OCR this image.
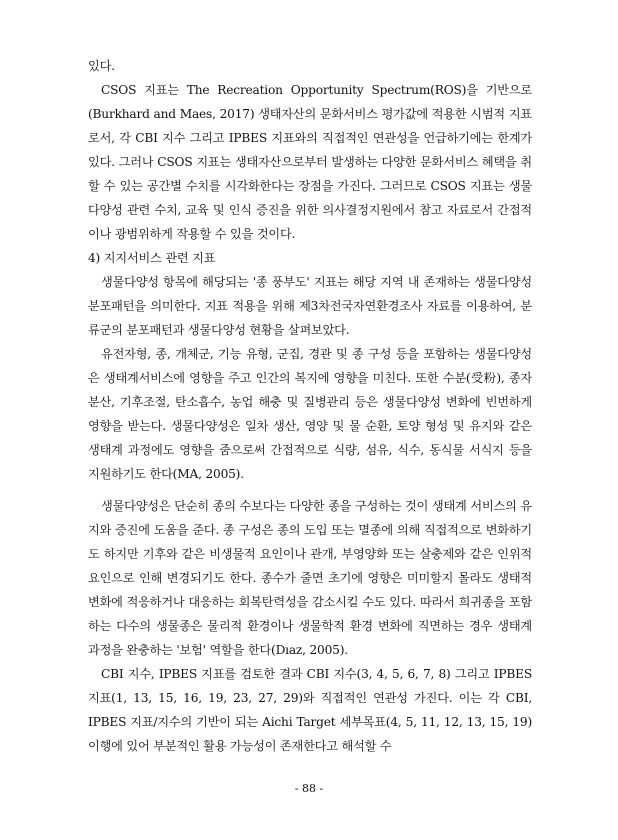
있다.

CSOS 지표는 The Recreation Opportunity Spectrum(ROS)을 기반으로 (Burkhard and Maes, 2017) 생태자산의 문화서비스 평가값에 적용한 시범적 지표로서, 각 CBI 지수 그리고 IPBES 지표와의 직접적인 연관성을 언급하기에는 한계가 있다. 그러나 CSOS 지표는 생태자산으로부터 발생하는 다양한 문화서비스 혜택을 취할 수 있는 공간별 수치를 시각화한다는 장점을 가진다. 그러므로 CSOS 지표는 생물다양성 관련 수치, 교육 및 인식 증진을 위한 의사결정지원에서 참고 자료로서 간접적이나 광범위하게 작용할 수 있을 것이다.

4) 지지서비스 관련 지표

생물다양성 항목에 해당되는 '종 풍부도' 지표는 해당 지역 내 존재하는 생물다양성 분포패턴을 의미한다. 지표 적용을 위해 제3차전국자연환경조사 자료를 이용하여, 분류군의 분포패턴과 생물다양성 현황을 살펴보았다.

유전자형, 종, 개체군, 기능 유형, 군집, 경관 및 종 구성 등을 포함하는 생물다양성은 생태계서비스에 영향을 주고 인간의 복지에 영향을 미친다. 또한 수분(受粉), 종자 분산, 기후조절, 탄소흡수, 농업 해충 및 질병관리 등은 생물다양성 변화에 빈번하게 영향을 받는다. 생물다양성은 일차 생산, 영양 및 물 순환, 토양 형성 및 유지와 같은 생태계 과정에도 영향을 줌으로써 간접적으로 식량, 섬유, 식수, 동식물 서식지 등을 지원하기도 한다(MA, 2005).

생물다양성은 단순히 종의 수보다는 다양한 종을 구성하는 것이 생태계 서비스의 유지와 증진에 도움을 준다. 종 구성은 종의 도입 또는 멸종에 의해 직접적으로 변화하기도 하지만 기후와 같은 비생물적 요인이나 관개, 부영양화 또는 살충제와 같은 인위적 요인으로 인해 변경되기도 한다. 종수가 줄면 초기에 영향은 미미할지 몰라도 생태적 변화에 적응하거나 대응하는 회복탄력성을 감소시킬 수도 있다. 따라서 희귀종을 포함하는 다수의 생물종은 물리적 환경이나 생물학적 환경 변화에 직면하는 경우 생태계 과정을 완충하는 '보험' 역할을 한다(Dıaz, 2005).

CBI 지수, IPBES 지표를 검토한 결과 CBI 지수(3, 4, 5, 6, 7, 8) 그리고 IPBES 지표(1, 13, 15, 16, 19, 23, 27, 29)와 직접적인 연관성 가진다. 이는 각 CBI, IPBES 지표/지수의 기반이 되는 Aichi Target 세부목표(4, 5, 11, 12, 13, 15, 19) 이행에 있어 부분적인 활용 가능성이 존재한다고 해석할 수

- 88 -
